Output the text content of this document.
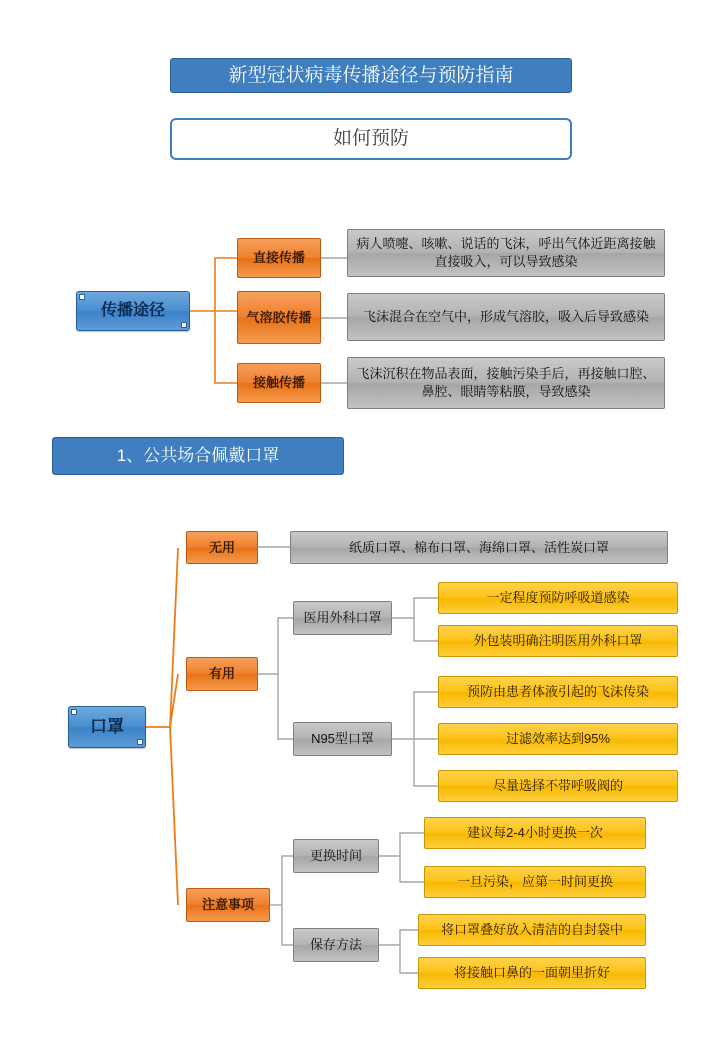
新型冠状病毒传播途径与预防指南
如何预防
传播途径
直接传播
病人喷嚏、咳嗽、说话的飞沫，呼出气体近距离接触直接吸入，可以导致感染
气溶胶传播	飞沫混合在空气中，形成气溶胶，吸入后导致感染
接触传播
飞沫沉积在物品表面，接触污染手后，再接触口腔、鼻腔、眼睛等粘膜，导致感染
1、公共场合佩戴口罩
口罩
无用	纸质口罩、棉布口罩、海绵口罩、活性炭口罩
有用
医用外科口罩
一定程度预防呼吸道感染
外包装明确注明医用外科口罩
N95型口罩
预防由患者体液引起的飞沫传染
过滤效率达到95%
尽量选择不带呼吸阀的
注意事项
更换时间
建议每2-4小时更换一次
一旦污染，应第一时间更换
保存方法
将口罩叠好放入清洁的自封袋中
将接触口鼻的一面朝里折好
